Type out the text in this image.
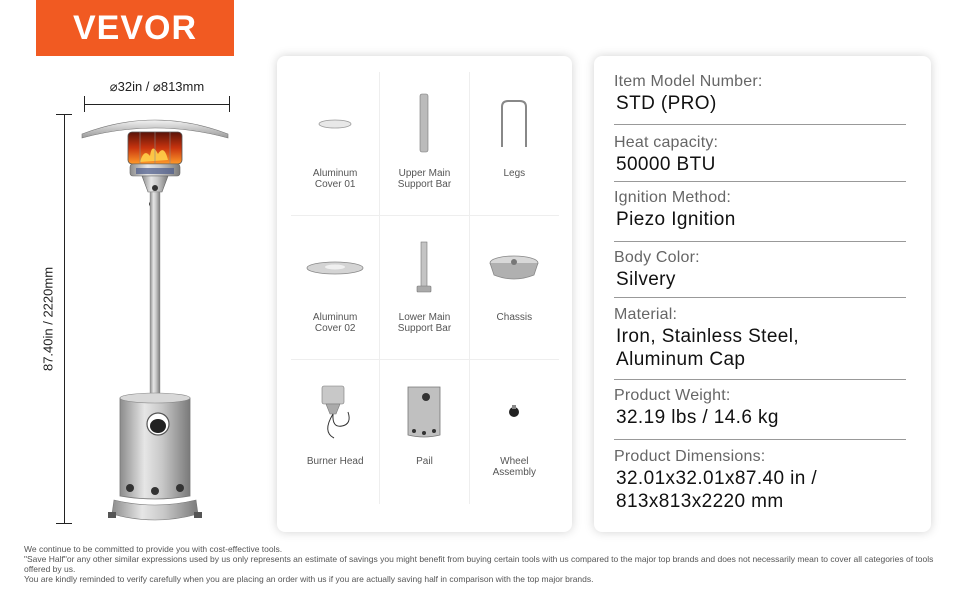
VEVOR
⌀32in / ⌀813mm
87.40in / 2220mm
Aluminum
Cover 01
Upper Main
Support Bar
Legs
Aluminum
Cover 02
Lower Main
Support Bar
Chassis
Burner Head	Pail	Wheel
Assembly
Item Model Number:
STD (PRO)
Heat capacity:
50000 BTU
Ignition Method:
Piezo Ignition
Body Color:
Silvery
Material:
Iron, Stainless Steel,
Aluminum Cap
Product Weight:
32.19 lbs / 14.6 kg
Product Dimensions:
32.01x32.01x87.40 in /
813x813x2220 mm
We continue to be committed to provide you with cost-effective tools.
"Save Half"or any other similar expressions used by us only represents an estimate of savings you might benefit from buying certain tools with us compared to the major top brands and does not necessarily mean to cover all categories of tools offered by us.
You are kindly reminded to verify carefully when you are placing an order with us if you are actually saving half in comparison with the top major brands.
